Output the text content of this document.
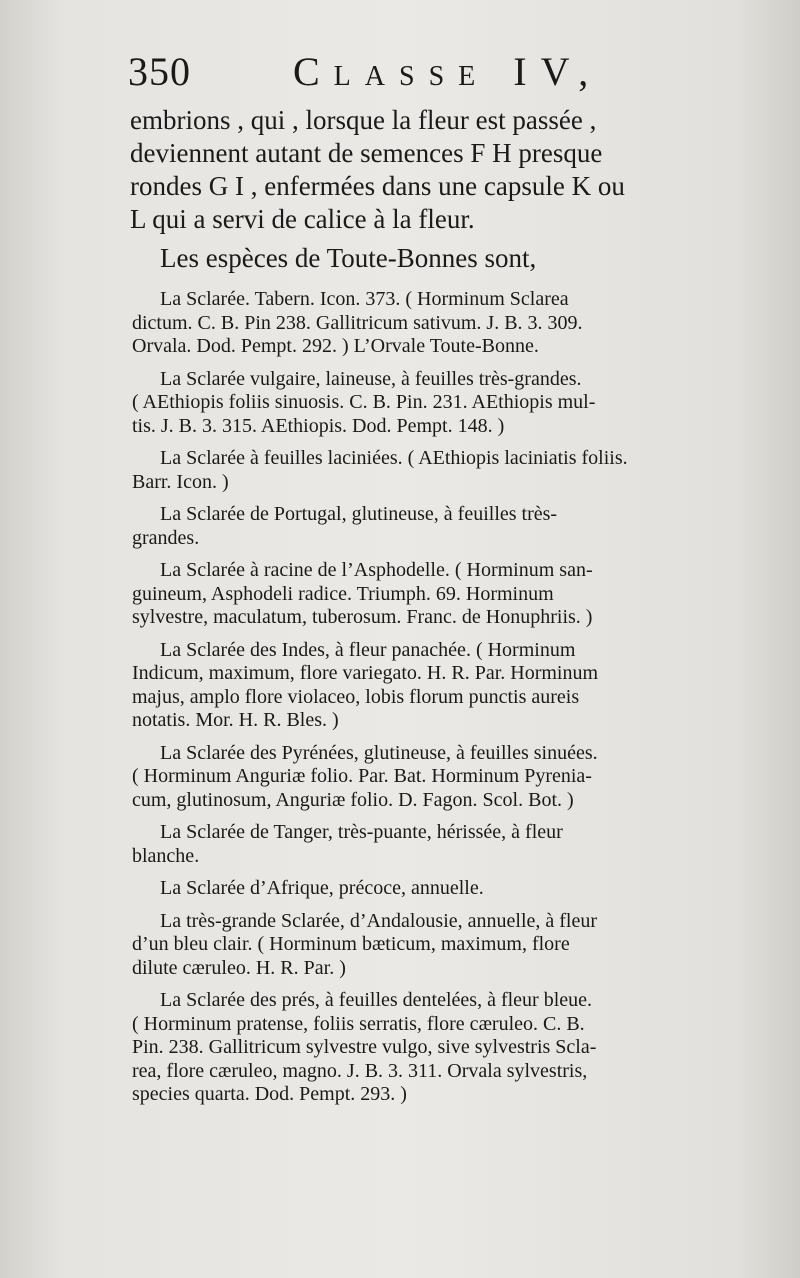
350	Classe IV,
embrions , qui , lorsque la fleur est passée ,
deviennent autant de semences F H presque
rondes G I , enfermées dans une capsule K ou
L qui a servi de calice à la fleur.
Les espèces de Toute-Bonnes sont,
La Sclarée. Tabern. Icon. 373. ( Horminum Sclarea
dictum. C. B. Pin 238. Gallitricum sativum. J. B. 3. 309.
Orvala. Dod. Pempt. 292. ) L’Orvale Toute-Bonne.
La Sclarée vulgaire, laineuse, à feuilles très-grandes.
( AEthiopis foliis sinuosis. C. B. Pin. 231. AEthiopis mul-
tis. J. B. 3. 315. AEthiopis. Dod. Pempt. 148. )
La Sclarée à feuilles laciniées. ( AEthiopis laciniatis foliis.
Barr. Icon. )
La Sclarée de Portugal, glutineuse, à feuilles très-
grandes.
La Sclarée à racine de l’Asphodelle. ( Horminum san-
guineum, Asphodeli radice. Triumph. 69. Horminum
sylvestre, maculatum, tuberosum. Franc. de Honuphriis. )
La Sclarée des Indes, à fleur panachée. ( Horminum
Indicum, maximum, flore variegato. H. R. Par. Horminum
majus, amplo flore violaceo, lobis florum punctis aureis
notatis. Mor. H. R. Bles. )
La Sclarée des Pyrénées, glutineuse, à feuilles sinuées.
( Horminum Anguriæ folio. Par. Bat. Horminum Pyrenia-
cum, glutinosum, Anguriæ folio. D. Fagon. Scol. Bot. )
La Sclarée de Tanger, très-puante, hérissée, à fleur
blanche.
La Sclarée d’Afrique, précoce, annuelle.
La très-grande Sclarée, d’Andalousie, annuelle, à fleur
d’un bleu clair. ( Horminum bæticum, maximum, flore
dilute cæruleo. H. R. Par. )
La Sclarée des prés, à feuilles dentelées, à fleur bleue.
( Horminum pratense, foliis serratis, flore cæruleo. C. B.
Pin. 238. Gallitricum sylvestre vulgo, sive sylvestris Scla-
rea, flore cæruleo, magno. J. B. 3. 311. Orvala sylvestris,
species quarta. Dod. Pempt. 293. )
